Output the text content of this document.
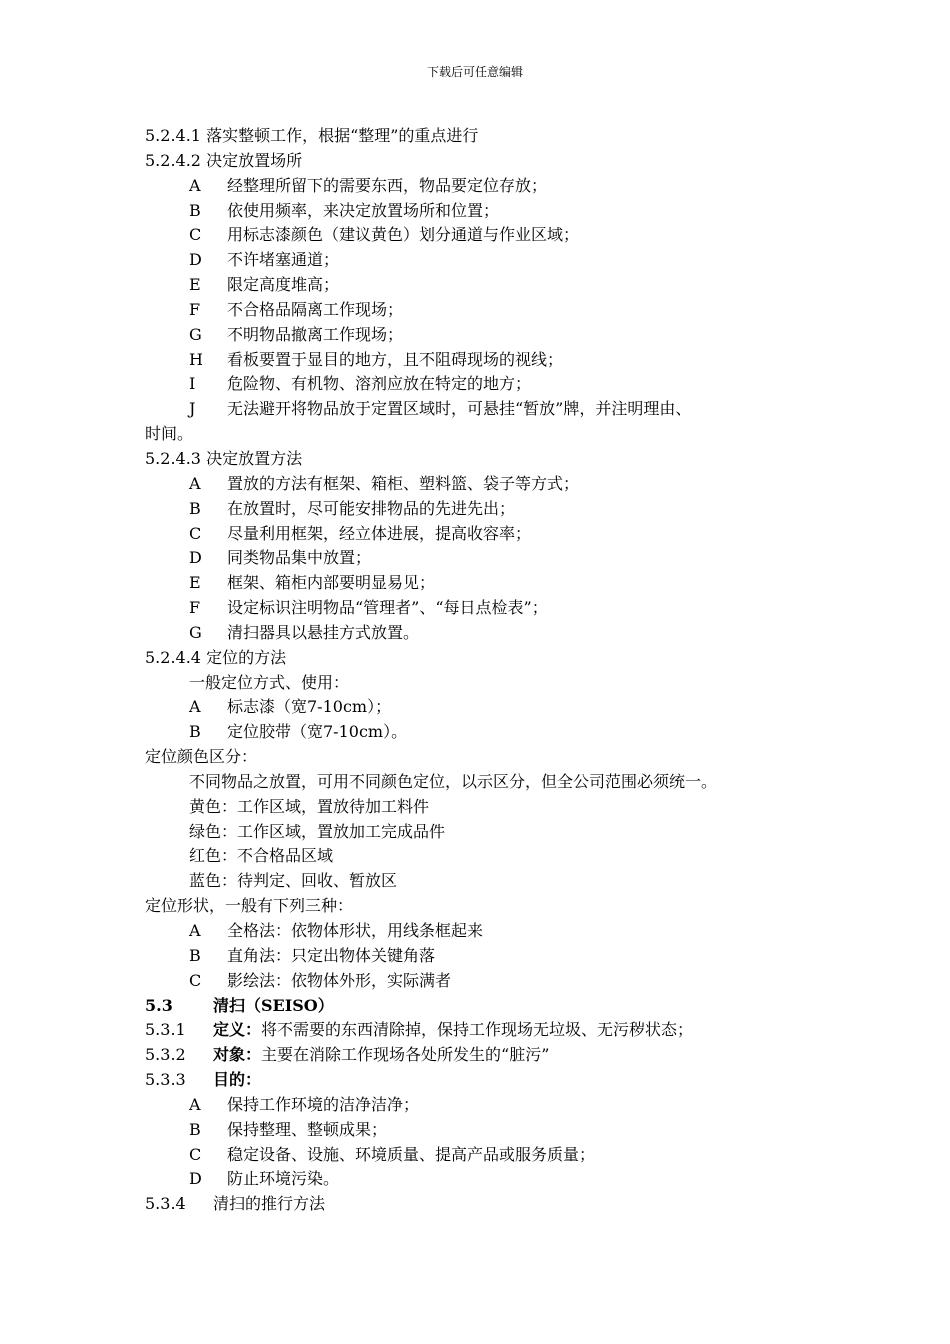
下载后可任意编辑
5.2.4.1 落实整顿工作，根据“整理”的重点进行
5.2.4.2 决定放置场所
A 经整理所留下的需要东西，物品要定位存放；
B 依使用频率，来决定放置场所和位置；
C 用标志漆颜色（建议黄色）划分通道与作业区域；
D 不许堵塞通道；
E 限定高度堆高；
F 不合格品隔离工作现场；
G 不明物品撤离工作现场；
H 看板要置于显目的地方，且不阻碍现场的视线；
I 危险物、有机物、溶剂应放在特定的地方；
J 无法避开将物品放于定置区域时，可悬挂“暂放”牌，并注明理由、
时间。
5.2.4.3 决定放置方法
A 置放的方法有框架、箱柜、塑料篮、袋子等方式；
B 在放置时，尽可能安排物品的先进先出；
C 尽量利用框架，经立体进展，提高收容率；
D 同类物品集中放置；
E 框架、箱柜内部要明显易见；
F 设定标识注明物品“管理者”、“每日点检表”；
G 清扫器具以悬挂方式放置。
5.2.4.4 定位的方法
一般定位方式、使用：
A 标志漆（宽7-10cm）；
B 定位胶带（宽7-10cm）。
定位颜色区分：
不同物品之放置，可用不同颜色定位，以示区分，但全公司范围必须统一。
黄色：工作区域，置放待加工料件
绿色：工作区域，置放加工完成品件
红色：不合格品区域
蓝色：待判定、回收、暂放区
定位形状，一般有下列三种：
A 全格法：依物体形状，用线条框起来
B 直角法：只定出物体关键角落
C 影绘法：依物体外形，实际满者
5.3	清扫（SEISO）
5.3.1 定义：将不需要的东西清除掉，保持工作现场无垃圾、无污秽状态；
5.3.2 对象：主要在消除工作现场各处所发生的“脏污”
5.3.3 目的：
A 保持工作环境的洁净洁净；
B 保持整理、整顿成果；
C 稳定设备、设施、环境质量、提高产品或服务质量；
D 防止环境污染。
5.3.4 清扫的推行方法
